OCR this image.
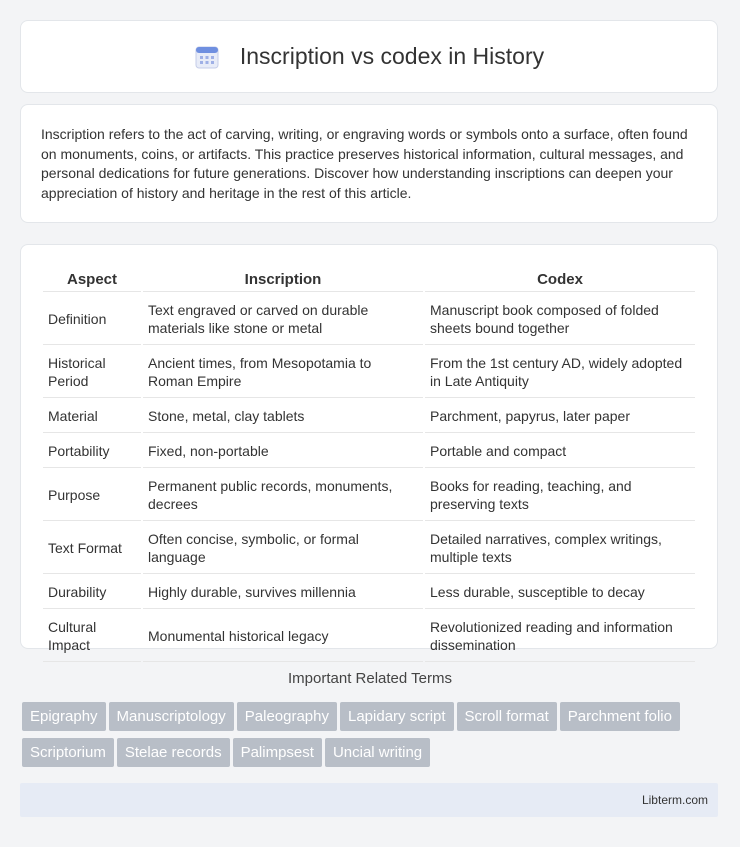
Inscription vs codex in History

Inscription refers to the act of carving, writing, or engraving words or symbols onto a surface, often found on monuments, coins, or artifacts. This practice preserves historical information, cultural messages, and personal dedications for future generations. Discover how understanding inscriptions can deepen your appreciation of history and heritage in the rest of this article.

Aspect	Inscription	Codex
Definition	Text engraved or carved on durable materials like stone or metal	Manuscript book composed of folded sheets bound together
Historical Period	Ancient times, from Mesopotamia to Roman Empire	From the 1st century AD, widely adopted in Late Antiquity
Material	Stone, metal, clay tablets	Parchment, papyrus, later paper
Portability	Fixed, non-portable	Portable and compact
Purpose	Permanent public records, monuments, decrees	Books for reading, teaching, and preserving texts
Text Format	Often concise, symbolic, or formal language	Detailed narratives, complex writings, multiple texts
Durability	Highly durable, survives millennia	Less durable, susceptible to decay
Cultural Impact	Monumental historical legacy	Revolutionized reading and information dissemination
Important Related Terms
Epigraphy Manuscriptology Paleography Lapidary script Scroll format Parchment folioScriptorium Stelae records Palimpsest Uncial writing
Libterm.com
